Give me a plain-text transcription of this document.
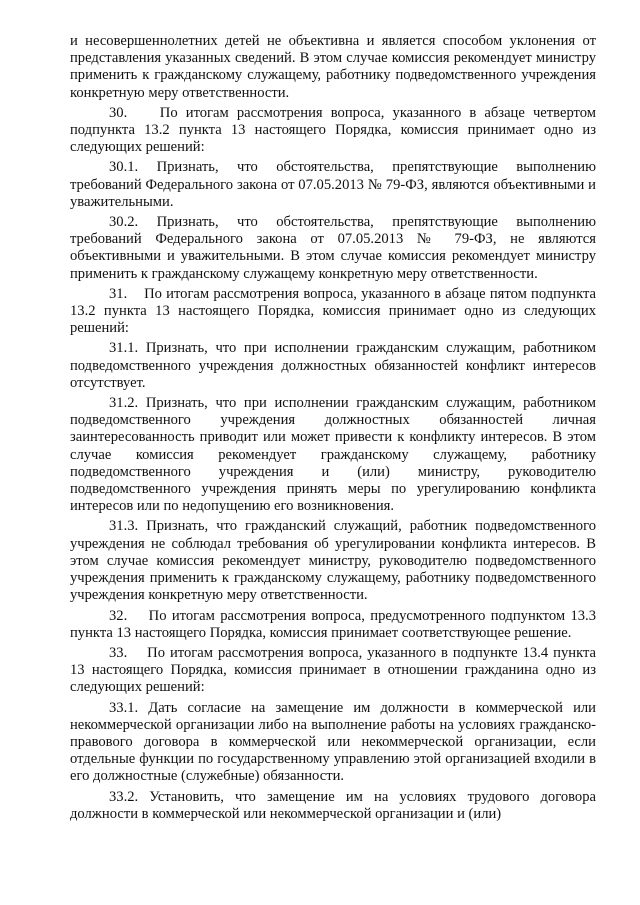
и несовершеннолетних детей не объективна и является способом уклонения от представления указанных сведений. В этом случае комиссия рекомендует министру применить к гражданскому служащему, работнику подведомственного учреждения конкретную меру ответственности.

30.    По итогам рассмотрения вопроса, указанного в абзаце четвертом подпункта 13.2 пункта 13 настоящего Порядка, комиссия принимает одно из следующих решений:

30.1. Признать, что обстоятельства, препятствующие выполнению требований Федерального закона от 07.05.2013 № 79-ФЗ, являются объективными и уважительными.

30.2. Признать, что обстоятельства, препятствующие выполнению требований Федерального закона от 07.05.2013 № 79-ФЗ, не являются объективными и уважительными. В этом случае комиссия рекомендует министру применить к гражданскому служащему конкретную меру ответственности.

31.    По итогам рассмотрения вопроса, указанного в абзаце пятом подпункта 13.2 пункта 13 настоящего Порядка, комиссия принимает одно из следующих решений:

31.1. Признать, что при исполнении гражданским служащим, работником подведомственного учреждения должностных обязанностей конфликт интересов отсутствует.

31.2. Признать, что при исполнении гражданским служащим, работником подведомственного учреждения должностных обязанностей личная заинтересованность приводит или может привести к конфликту интересов. В этом случае комиссия рекомендует гражданскому служащему, работнику подведомственного учреждения и (или) министру, руководителю подведомственного учреждения принять меры по урегулированию конфликта интересов или по недопущению его возникновения.

31.3. Признать, что гражданский служащий, работник подведомственного учреждения не соблюдал требования об урегулировании конфликта интересов. В этом случае комиссия рекомендует министру, руководителю подведомственного учреждения применить к гражданскому служащему, работнику подведомственного учреждения конкретную меру ответственности.

32.    По итогам рассмотрения вопроса, предусмотренного подпунктом 13.3 пункта 13 настоящего Порядка, комиссия принимает соответствующее решение.

33.    По итогам рассмотрения вопроса, указанного в подпункте 13.4 пункта 13 настоящего Порядка, комиссия принимает в отношении гражданина одно из следующих решений:

33.1. Дать согласие на замещение им должности в коммерческой или некоммерческой организации либо на выполнение работы на условиях гражданско-правового договора в коммерческой или некоммерческой организации, если отдельные функции по государственному управлению этой организацией входили в его должностные (служебные) обязанности.

33.2. Установить, что замещение им на условиях трудового договора должности в коммерческой или некоммерческой организации и (или)
